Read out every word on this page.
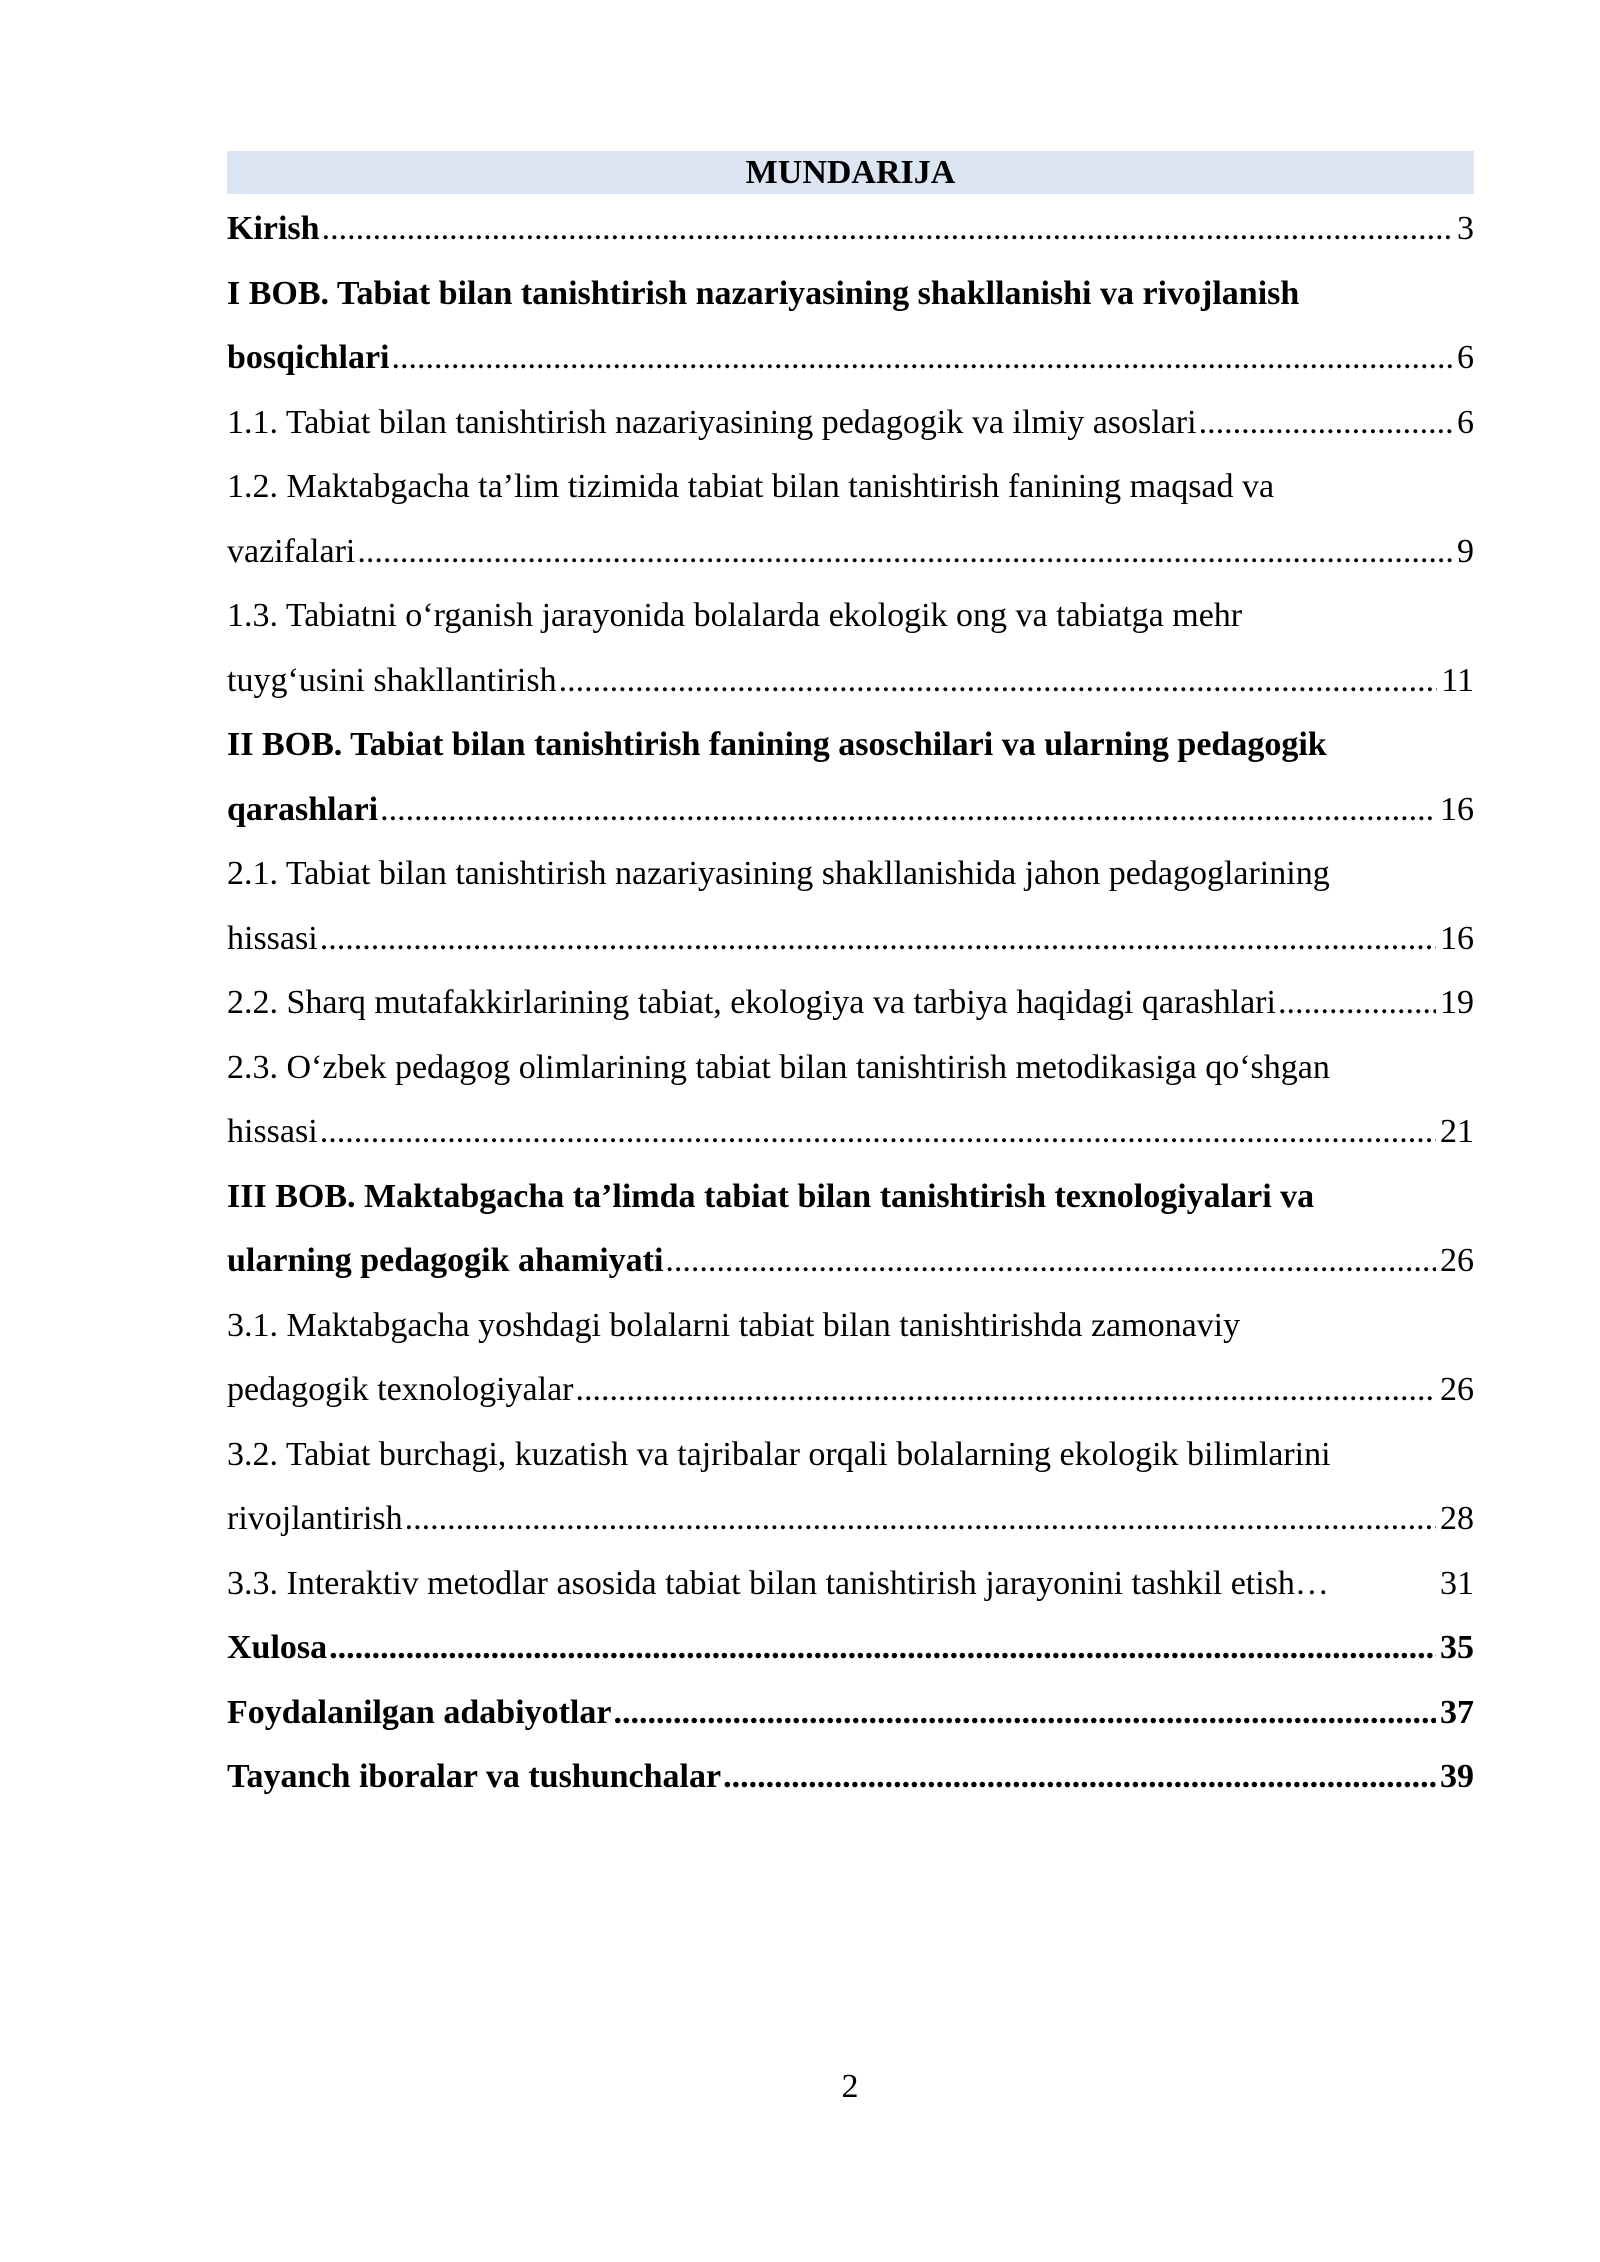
MUNDARIJA
Kirish .....	3
I BOB. Tabiat bilan tanishtirish nazariyasining shakllanishi va rivojlanish
bosqichlari .....	6
1.1. Tabiat bilan tanishtirish nazariyasining pedagogik va ilmiy asoslari .....	6
1.2. Maktabgacha ta’lim tizimida tabiat bilan tanishtirish fanining maqsad va
vazifalari .....	9
1.3. Tabiatni oʻrganish jarayonida bolalarda ekologik ong va tabiatga mehr
tuygʻusini shakllantirish .....	11
II BOB. Tabiat bilan tanishtirish fanining asoschilari va ularning pedagogik
qarashlari .....	16
2.1. Tabiat bilan tanishtirish nazariyasining shakllanishida jahon pedagoglarining
hissasi .....	16
2.2. Sharq mutafakkirlarining tabiat, ekologiya va tarbiya haqidagi qarashlari .....	19
2.3. Oʻzbek pedagog olimlarining tabiat bilan tanishtirish metodikasiga qoʻshgan
hissasi .....	21
III BOB. Maktabgacha ta’limda tabiat bilan tanishtirish texnologiyalari va
ularning pedagogik ahamiyati .....	26
3.1. Maktabgacha yoshdagi bolalarni tabiat bilan tanishtirishda zamonaviy
pedagogik texnologiyalar .....	26
3.2. Tabiat burchagi, kuzatish va tajribalar orqali bolalarning ekologik bilimlarini
rivojlantirish .....	28
3.3. Interaktiv metodlar asosida tabiat bilan tanishtirish jarayonini tashkil etish…	31
Xulosa .....	35
Foydalanilgan adabiyotlar .....	37
Tayanch iboralar va tushunchalar .....	39
2
